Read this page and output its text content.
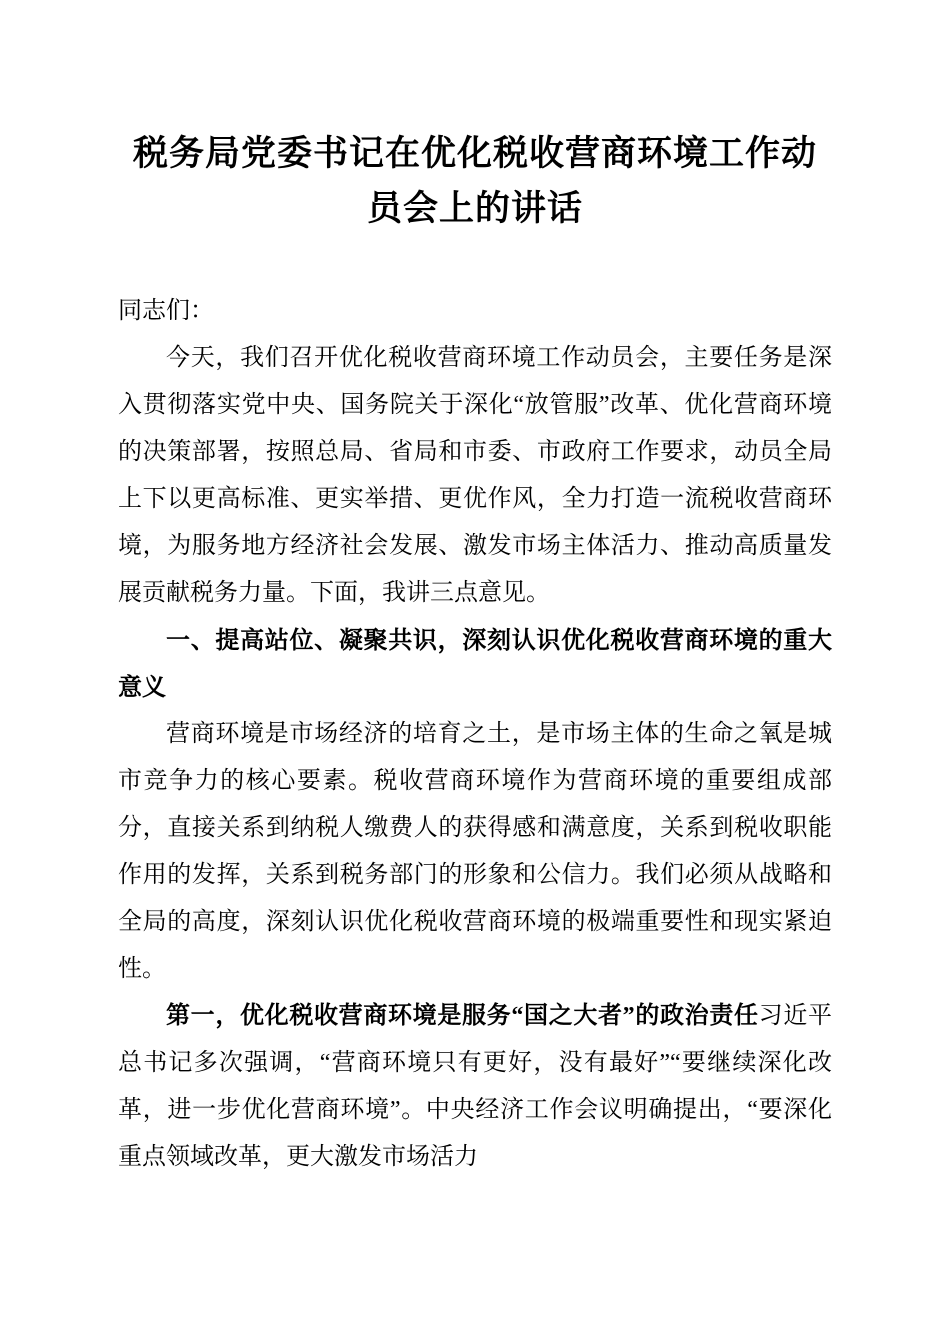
税务局党委书记在优化税收营商环境工作动员会上的讲话

同志们：

今天，我们召开优化税收营商环境工作动员会，主要任务是深入贯彻落实党中央、国务院关于深化“放管服”改革、优化营商环境的决策部署，按照总局、省局和市委、市政府工作要求，动员全局上下以更高标准、更实举措、更优作风，全力打造一流税收营商环境，为服务地方经济社会发展、激发市场主体活力、推动高质量发展贡献税务力量。下面，我讲三点意见。

一、提高站位、凝聚共识，深刻认识优化税收营商环境的重大意义

营商环境是市场经济的培育之土，是市场主体的生命之氧是城市竞争力的核心要素。税收营商环境作为营商环境的重要组成部分，直接关系到纳税人缴费人的获得感和满意度，关系到税收职能作用的发挥，关系到税务部门的形象和公信力。我们必须从战略和全局的高度，深刻认识优化税收营商环境的极端重要性和现实紧迫性。

第一，优化税收营商环境是服务“国之大者”的政治责任习近平总书记多次强调，“营商环境只有更好，没有最好”“要继续深化改革，进一步优化营商环境”。中央经济工作会议明确提出，“要深化重点领域改革，更大激发市场活力
